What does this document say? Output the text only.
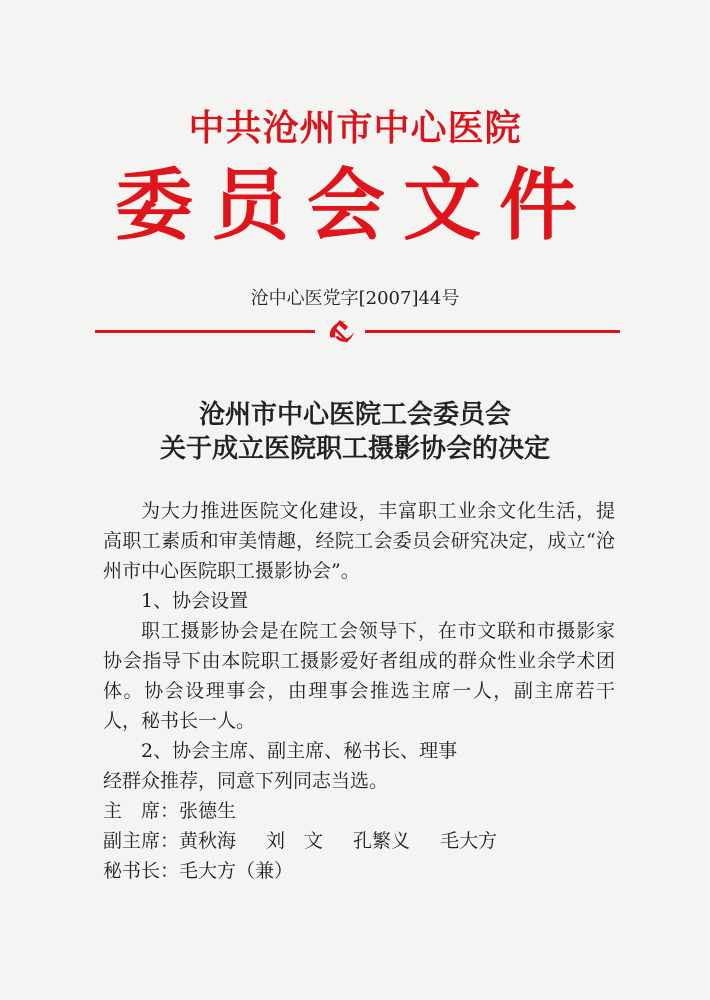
中共沧州市中心医院
委员会文件
沧中心医党字[2007]44号
沧州市中心医院工会委员会
关于成立医院职工摄影协会的决定

为大力推进医院文化建设，丰富职工业余文化生活，提高职工素质和审美情趣，经院工会委员会研究决定，成立“沧州市中心医院职工摄影协会”。

1、协会设置

职工摄影协会是在院工会领导下，在市文联和市摄影家协会指导下由本院职工摄影爱好者组成的群众性业余学术团体。协会设理事会，由理事会推选主席一人，副主席若干人，秘书长一人。

2、协会主席、副主席、秘书长、理事

经群众推荐，同意下列同志当选。

主　席： 张德生
副主席： 黄秋海 刘　文 孔繁义 毛大方
秘书长： 毛大方（兼）
